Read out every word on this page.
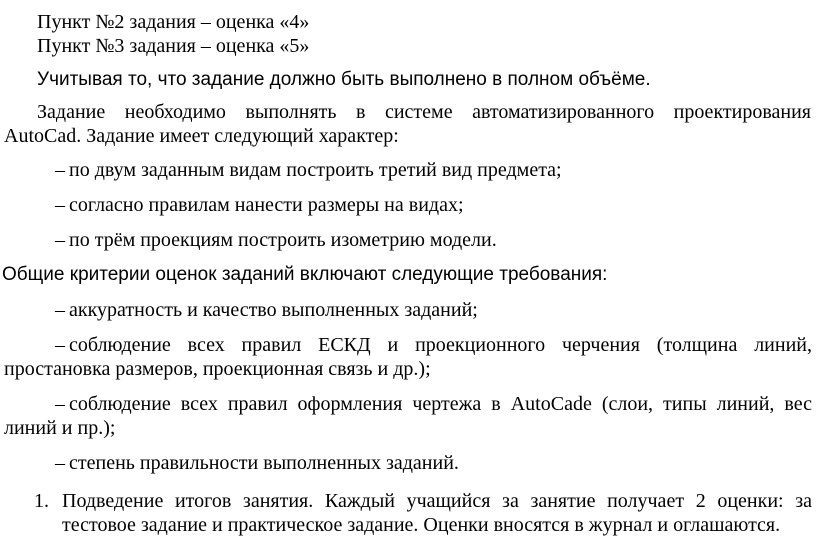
Пункт №2 задания – оценка «4»
Пункт №3 задания – оценка «5»
Учитывая то, что задание должно быть выполнено в полном объёме.
Задание необходимо выполнять в системе автоматизированного проектирования
AutoCad. Задание имеет следующий характер:
– по двум заданным видам построить третий вид предмета;
– согласно правилам нанести размеры на видах;
– по трём проекциям построить изометрию модели.
Общие критерии оценок заданий включают следующие требования:
– аккуратность и качество выполненных заданий;
– соблюдение всех правил ЕСКД и проекционного черчения (толщина линий,
простановка размеров, проекционная связь и др.);
– соблюдение всех правил оформления чертежа в AutoCade (слои, типы линий, вес
линий и пр.);
– степень правильности выполненных заданий.
1. Подведение итогов занятия. Каждый учащийся за занятие получает 2 оценки: за
тестовое задание и практическое задание. Оценки вносятся в журнал и оглашаются.
